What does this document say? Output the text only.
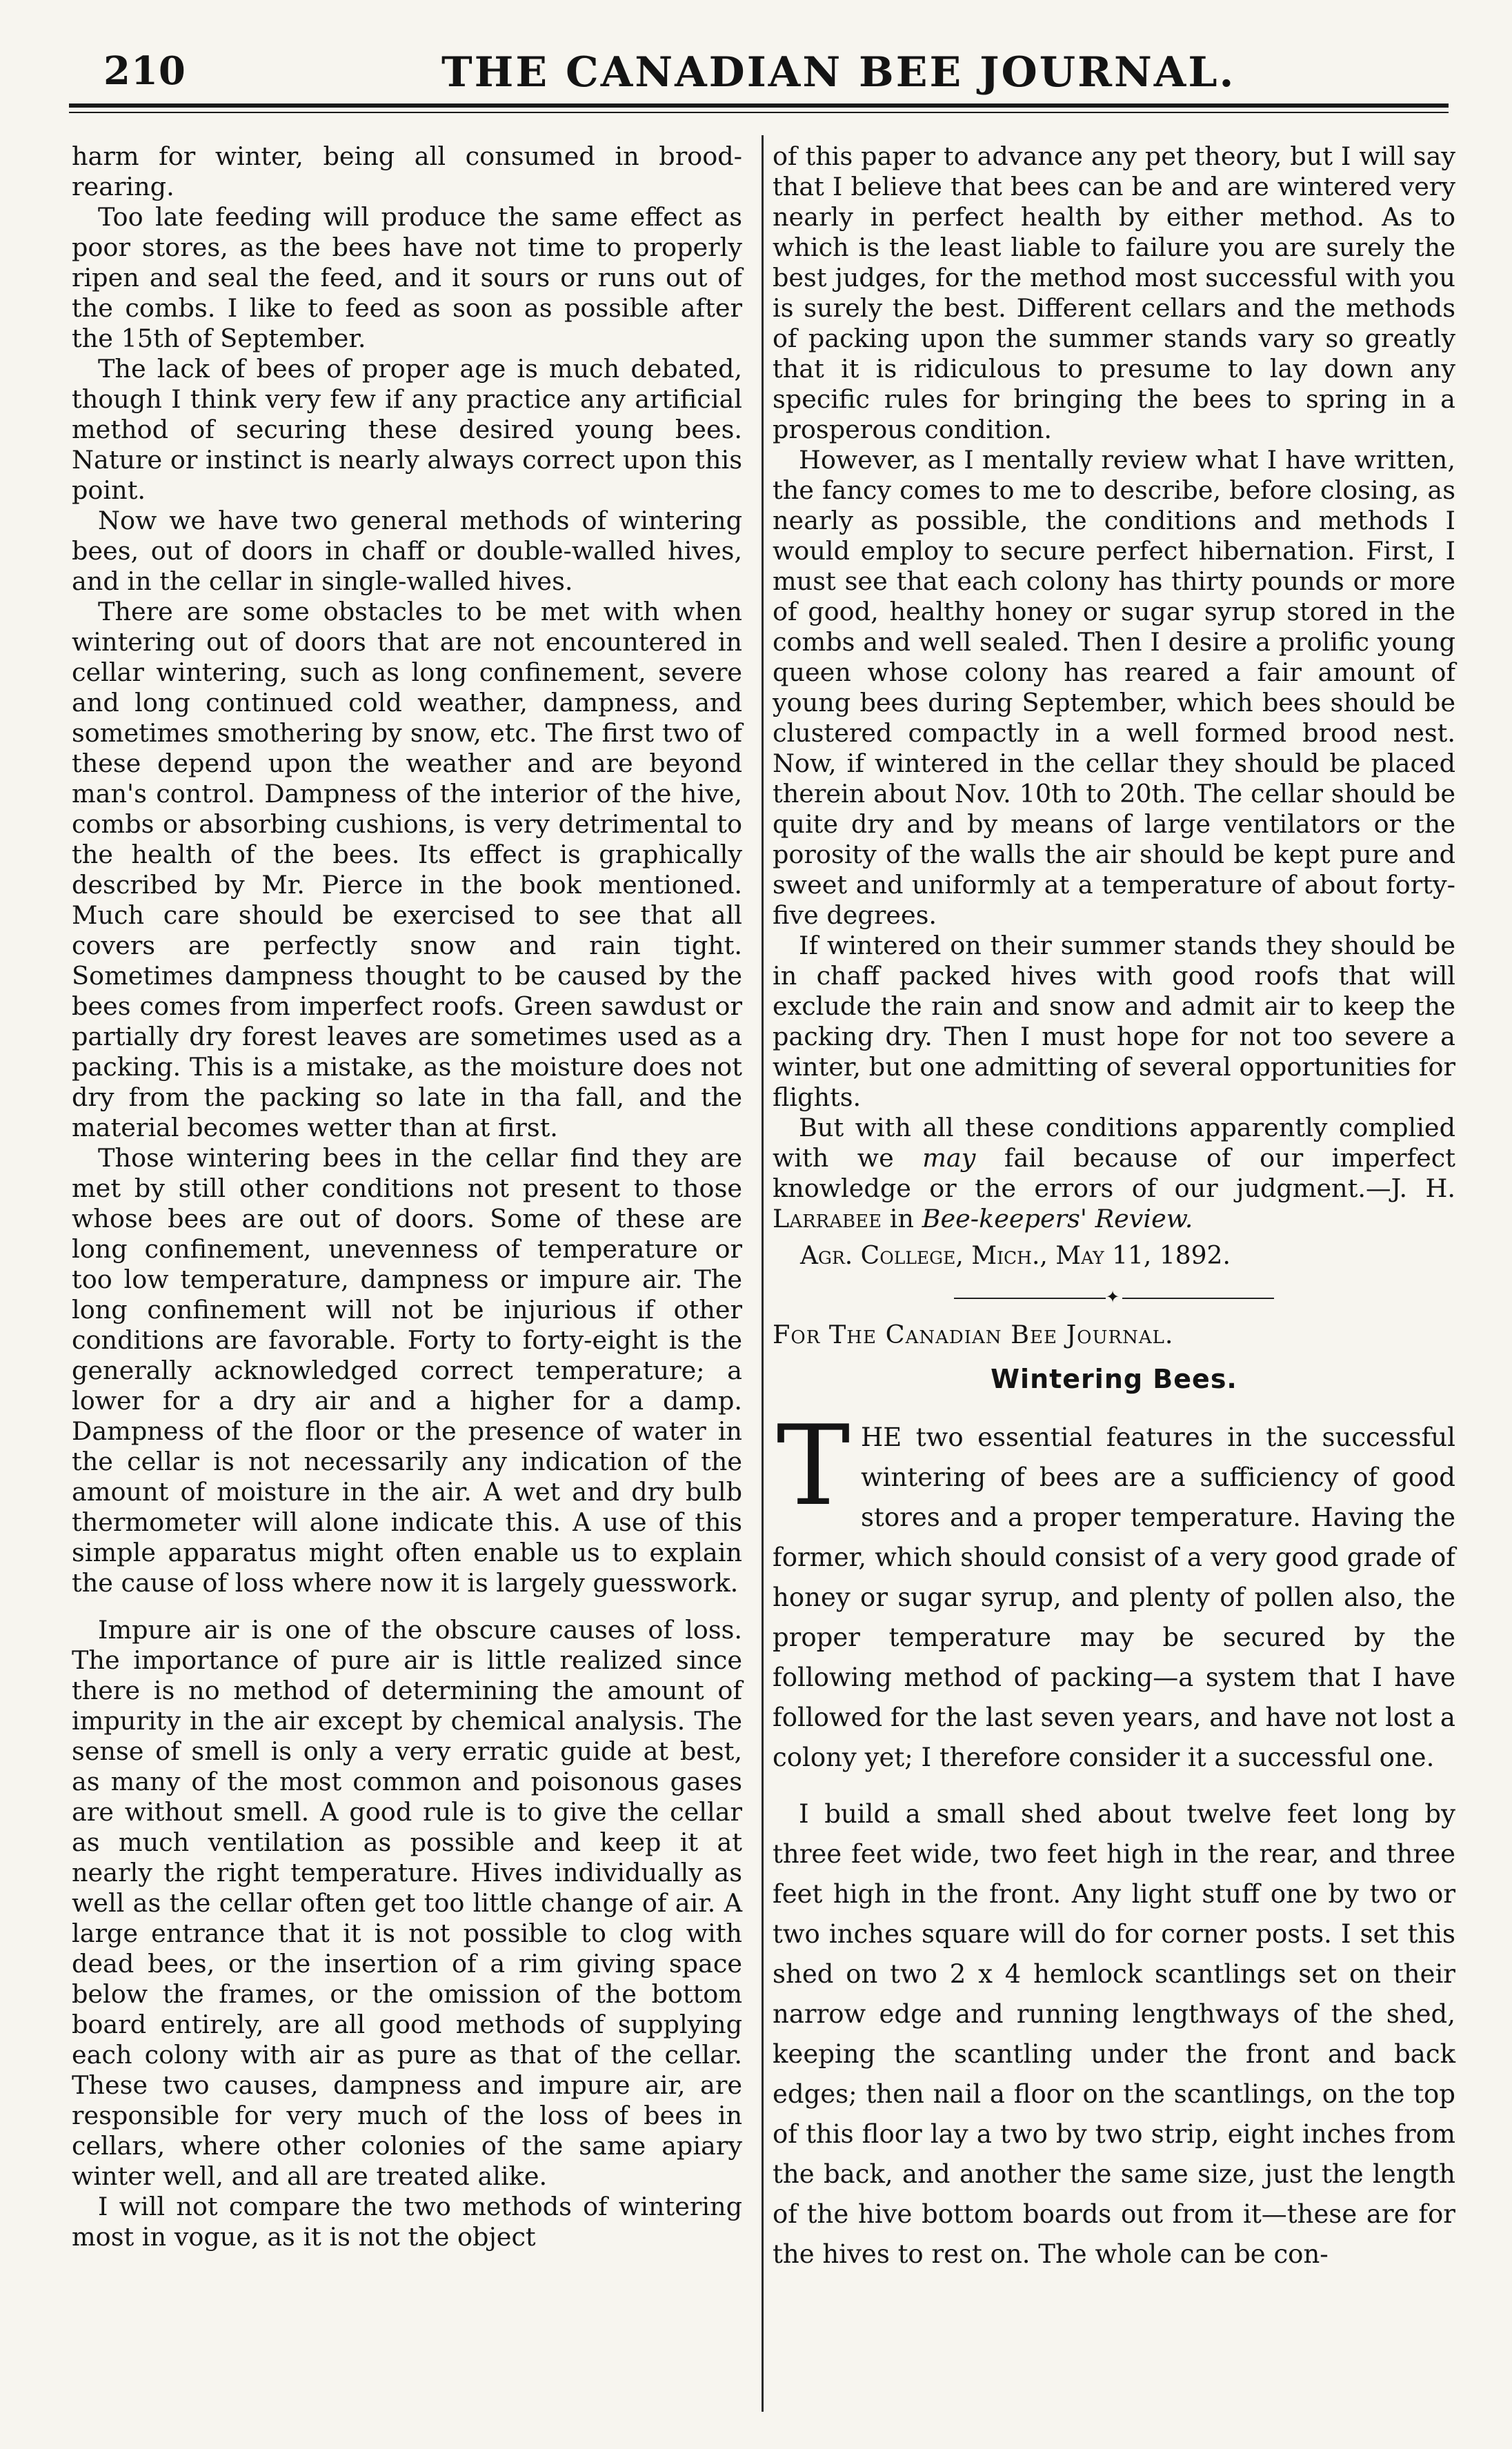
210	THE CANADIAN BEE JOURNAL.

harm for winter, being all consumed in brood-rearing.

Too late feeding will produce the same effect as poor stores, as the bees have not time to properly ripen and seal the feed, and it sours or runs out of the combs. I like to feed as soon as possible after the 15th of September.

The lack of bees of proper age is much debated, though I think very few if any practice any artificial method of securing these desired young bees. Nature or instinct is nearly always correct upon this point.

Now we have two general methods of wintering bees, out of doors in chaff or double-walled hives, and in the cellar in single-walled hives.

There are some obstacles to be met with when wintering out of doors that are not encountered in cellar wintering, such as long confinement, severe and long continued cold weather, dampness, and sometimes smothering by snow, etc. The first two of these depend upon the weather and are beyond man's control. Dampness of the interior of the hive, combs or absorbing cushions, is very detrimental to the health of the bees. Its effect is graphically described by Mr. Pierce in the book mentioned. Much care should be exercised to see that all covers are perfectly snow and rain tight. Sometimes dampness thought to be caused by the bees comes from imperfect roofs. Green sawdust or partially dry forest leaves are sometimes used as a packing. This is a mistake, as the moisture does not dry from the packing so late in tha fall, and the material becomes wetter than at first.

Those wintering bees in the cellar find they are met by still other conditions not present to those whose bees are out of doors. Some of these are long confinement, unevenness of temperature or too low temperature, dampness or impure air. The long confinement will not be injurious if other conditions are favorable. Forty to forty-eight is the generally acknowledged correct temperature; a lower for a dry air and a higher for a damp. Dampness of the floor or the presence of water in the cellar is not necessarily any indication of the amount of moisture in the air. A wet and dry bulb thermometer will alone indicate this. A use of this simple apparatus might often enable us to explain the cause of loss where now it is largely guesswork.

Impure air is one of the obscure causes of loss. The importance of pure air is little realized since there is no method of determining the amount of impurity in the air except by chemical analysis. The sense of smell is only a very erratic guide at best, as many of the most common and poisonous gases are without smell. A good rule is to give the cellar as much ventilation as possible and keep it at nearly the right temperature. Hives individually as well as the cellar often get too little change of air. A large entrance that it is not possible to clog with dead bees, or the insertion of a rim giving space below the frames, or the omission of the bottom board entirely, are all good methods of supplying each colony with air as pure as that of the cellar. These two causes, dampness and impure air, are responsible for very much of the loss of bees in cellars, where other colonies of the same apiary winter well, and all are treated alike.

I will not compare the two methods of wintering most in vogue, as it is not the object

of this paper to advance any pet theory, but I will say that I believe that bees can be and are wintered very nearly in perfect health by either method. As to which is the least liable to failure you are surely the best judges, for the method most successful with you is surely the best. Different cellars and the methods of packing upon the summer stands vary so greatly that it is ridiculous to presume to lay down any specific rules for bringing the bees to spring in a prosperous condition.

However, as I mentally review what I have written, the fancy comes to me to describe, before closing, as nearly as possible, the conditions and methods I would employ to secure perfect hibernation. First, I must see that each colony has thirty pounds or more of good, healthy honey or sugar syrup stored in the combs and well sealed. Then I desire a prolific young queen whose colony has reared a fair amount of young bees during September, which bees should be clustered compactly in a well formed brood nest. Now, if wintered in the cellar they should be placed therein about Nov. 10th to 20th. The cellar should be quite dry and by means of large ventilators or the porosity of the walls the air should be kept pure and sweet and uniformly at a temperature of about forty-five degrees.

If wintered on their summer stands they should be in chaff packed hives with good roofs that will exclude the rain and snow and admit air to keep the packing dry. Then I must hope for not too severe a winter, but one admitting of several opportunities for flights.

But with all these conditions apparently complied with we may fail because of our imperfect knowledge or the errors of our judgment.—J. H. Larrabee in Bee-keepers' Review.

Agr. College, Mich., May 11, 1892.

✦

For The Canadian Bee Journal.

Wintering Bees.

THE two essential features in the successful wintering of bees are a sufficiency of good stores and a proper temperature. Having the former, which should consist of a very good grade of honey or sugar syrup, and plenty of pollen also, the proper temperature may be secured by the following method of packing—a system that I have followed for the last seven years, and have not lost a colony yet; I therefore consider it a successful one.

I build a small shed about twelve feet long by three feet wide, two feet high in the rear, and three feet high in the front. Any light stuff one by two or two inches square will do for corner posts. I set this shed on two 2 x 4 hemlock scantlings set on their narrow edge and running lengthways of the shed, keeping the scantling under the front and back edges; then nail a floor on the scantlings, on the top of this floor lay a two by two strip, eight inches from the back, and another the same size, just the length of the hive bottom boards out from it—these are for the hives to rest on. The whole can be con-
